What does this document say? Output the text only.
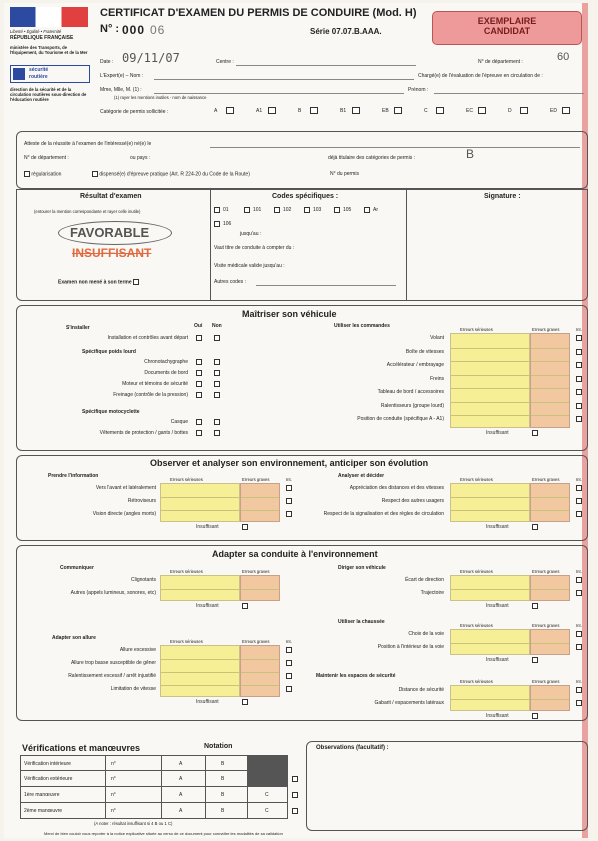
Liberté • Égalité • Fraternité
RÉPUBLIQUE FRANÇAISE
ministère des Transports, de l'Équipement, du Tourisme et de la Mer
sécurité
routière
direction de la sécurité et de la circulation routières sous-direction de l'éducation routière
CERTIFICAT D'EXAMEN DU PERMIS DE CONDUIRE (Mod. H)
N° : 000 06	Série 07.07.B.AAA.
EXEMPLAIRE
CANDIDAT
Date : 09/11/07	Centre :	N° de département :	60
L'Expert(e) – Nom :	Chargé(e) de l'évaluation de l'épreuve en circulation de :
Mme, Mlle, M. (1) :
(1) rayer les mentions inutiles - nom de naissance
Prénom :
Catégorie de permis sollicitée :	A	A1	B	B1	EB	C	EC	D	ED
Atteste de la réussite à l'examen de l'intéressé(e) né(e) le
N° de département :	ou pays :	déjà titulaire des catégories de permis :	B
régularisation	dispensé(e) d'épreuve pratique (Art. R 224-20 du Code de la Route)	N° du permis
Résultat d'examen
(entourer la mention correspondante et rayer celle inutile)
FAVORABLE
INSUFFISANT
Examen non mené à son terme
Codes spécifiques :
01	101	102	103	105	Ar
106
jusqu'au :
Vaut titre de conduite à compter du :
Visite médicale valide jusqu'au :
Autres codes :
Signature :
Maîtriser son véhicule
S'installer	Oui Non
Spécifique poids lourd
Spécifique motocyclette
Installation et contrôles avant départ
Chronotachygraphe
Documents de bord
Moteur et témoins de sécurité
Freinage (contrôle de la pression)
Casque
Vêtements de protection / gants / bottes
Utiliser les commandes
Volant
Boîte de vitesses
Accélérateur / embrayage
Freins
Tableau de bord / accessoires
Ralentisseurs (groupe lourd)
Position de conduite (spécifique A - A1)
Erreurs sérieuses	Erreurs graves	Int.
Insuffisant
Observer et analyser son environnement, anticiper son évolution
Prendre l'information
Vers l'avant et latéralement
Rétroviseurs
Vision directe (angles morts)
Erreurs sérieuses	Erreurs graves	Int.
Insuffisant
Analyser et décider
Appréciation des distances et des vitesses
Respect des autres usagers
Respect de la signalisation et des règles de circulation
Erreurs sérieuses	Erreurs graves	Int.
Insuffisant
Adapter sa conduite à l'environnement
Communiquer
Clignotants
Autres (appels lumineux, sonores, etc)
Erreurs sérieuses	Erreurs graves
Insuffisant
Adapter son allure
Allure excessive
Allure trop basse susceptible de gêner
Ralentissement excessif / arrêt injustifié
Limitation de vitesse
Erreurs sérieuses	Erreurs graves	Int.
Insuffisant
Diriger son véhicule
Écart de direction
Trajectoire
Erreurs sérieuses	Erreurs graves	Int.
Insuffisant
Utiliser la chaussée
Choix de la voie
Position à l'intérieur de la voie
Erreurs sérieuses	Erreurs graves	Int.
Insuffisant
Maintenir les espaces de sécurité
Distance de sécurité
Gabarit / espacements latéraux
Erreurs sérieuses	Erreurs graves	Int.
Insuffisant
Vérifications et manœuvres	Notation
Vérification intérieure	n°	A	B
Vérification extérieure	n°	A	B
1ère manœuvre	n°	A	B	C
2ème manœuvre	n°	A	B	C
(A noter : résultat insuffisant si 4 B ou 1 C)
Observations (facultatif) :
Merci de bien vouloir vous reporter à la notice explicative située au verso de ce document pour connaître les modalités de sa validation
